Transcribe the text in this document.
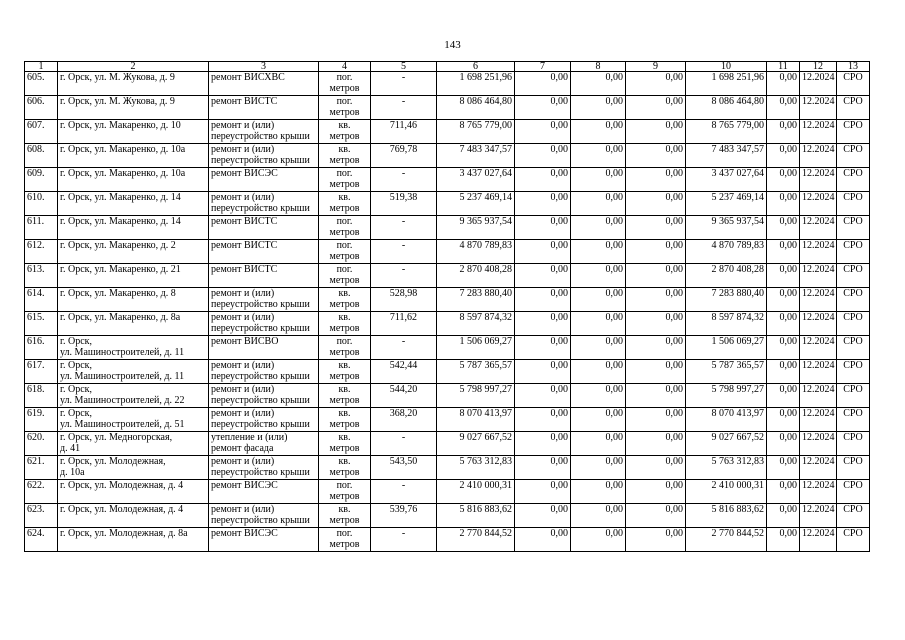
143
1	2	3	4	5	6	7	8	9	10	11	12	13
605.	г. Орск, ул. М. Жукова, д. 9	ремонт ВИСХВС	пог.
метров	-	1 698 251,96	0,00	0,00	0,00	1 698 251,96	0,00	12.2024	СРО
606.	г. Орск, ул. М. Жукова, д. 9	ремонт ВИСТС	пог.
метров	-	8 086 464,80	0,00	0,00	0,00	8 086 464,80	0,00	12.2024	СРО
607.	г. Орск, ул. Макаренко, д. 10	ремонт и (или)
переустройство крыши	кв.
метров	711,46	8 765 779,00	0,00	0,00	0,00	8 765 779,00	0,00	12.2024	СРО
608.	г. Орск, ул. Макаренко, д. 10а	ремонт и (или)
переустройство крыши	кв.
метров	769,78	7 483 347,57	0,00	0,00	0,00	7 483 347,57	0,00	12.2024	СРО
609.	г. Орск, ул. Макаренко, д. 10а	ремонт ВИСЭС	пог.
метров	-	3 437 027,64	0,00	0,00	0,00	3 437 027,64	0,00	12.2024	СРО
610.	г. Орск, ул. Макаренко, д. 14	ремонт и (или)
переустройство крыши	кв.
метров	519,38	5 237 469,14	0,00	0,00	0,00	5 237 469,14	0,00	12.2024	СРО
611.	г. Орск, ул. Макаренко, д. 14	ремонт ВИСТС	пог.
метров	-	9 365 937,54	0,00	0,00	0,00	9 365 937,54	0,00	12.2024	СРО
612.	г. Орск, ул. Макаренко, д. 2	ремонт ВИСТС	пог.
метров	-	4 870 789,83	0,00	0,00	0,00	4 870 789,83	0,00	12.2024	СРО
613.	г. Орск, ул. Макаренко, д. 21	ремонт ВИСТС	пог.
метров	-	2 870 408,28	0,00	0,00	0,00	2 870 408,28	0,00	12.2024	СРО
614.	г. Орск, ул. Макаренко, д. 8	ремонт и (или)
переустройство крыши	кв.
метров	528,98	7 283 880,40	0,00	0,00	0,00	7 283 880,40	0,00	12.2024	СРО
615.	г. Орск, ул. Макаренко, д. 8а	ремонт и (или)
переустройство крыши	кв.
метров	711,62	8 597 874,32	0,00	0,00	0,00	8 597 874,32	0,00	12.2024	СРО
616.	г. Орск,
ул. Машиностроителей, д. 11	ремонт ВИСВО	пог.
метров	-	1 506 069,27	0,00	0,00	0,00	1 506 069,27	0,00	12.2024	СРО
617.	г. Орск,
ул. Машиностроителей, д. 11	ремонт и (или)
переустройство крыши	кв.
метров	542,44	5 787 365,57	0,00	0,00	0,00	5 787 365,57	0,00	12.2024	СРО
618.	г. Орск,
ул. Машиностроителей, д. 22	ремонт и (или)
переустройство крыши	кв.
метров	544,20	5 798 997,27	0,00	0,00	0,00	5 798 997,27	0,00	12.2024	СРО
619.	г. Орск,
ул. Машиностроителей, д. 51	ремонт и (или)
переустройство крыши	кв.
метров	368,20	8 070 413,97	0,00	0,00	0,00	8 070 413,97	0,00	12.2024	СРО
620.	г. Орск, ул. Медногорская,
д. 41	утепление и (или)
ремонт фасада	кв.
метров	-	9 027 667,52	0,00	0,00	0,00	9 027 667,52	0,00	12.2024	СРО
621.	г. Орск, ул. Молодежная,
д. 10а	ремонт и (или)
переустройство крыши	кв.
метров	543,50	5 763 312,83	0,00	0,00	0,00	5 763 312,83	0,00	12.2024	СРО
622.	г. Орск, ул. Молодежная, д. 4	ремонт ВИСЭС	пог.
метров	-	2 410 000,31	0,00	0,00	0,00	2 410 000,31	0,00	12.2024	СРО
623.	г. Орск, ул. Молодежная, д. 4	ремонт и (или)
переустройство крыши	кв.
метров	539,76	5 816 883,62	0,00	0,00	0,00	5 816 883,62	0,00	12.2024	СРО
624.	г. Орск, ул. Молодежная, д. 8а	ремонт ВИСЭС	пог.
метров	-	2 770 844,52	0,00	0,00	0,00	2 770 844,52	0,00	12.2024	СРО
